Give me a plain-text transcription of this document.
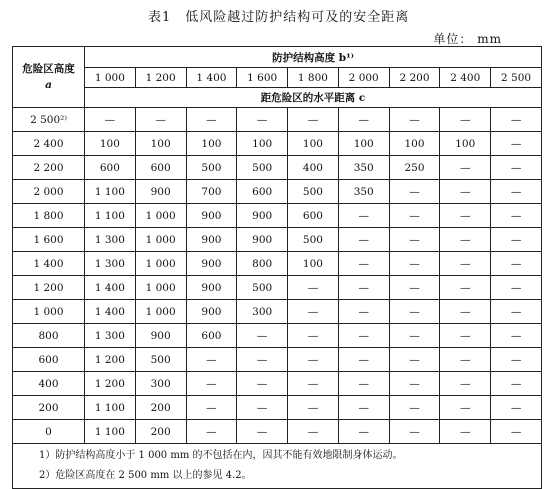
表1　低风险越过防护结构可及的安全距离
单位： mm
危险区高度
a	防护结构高度 b¹⁾								
	1 000	1 200	1 400	1 600	1 800	2 000	2 200	2 400	2 500
	距危险区的水平距离 c								
2 500²⁾	—	—	—	—	—	—	—	—	—
2 400	100	100	100	100	100	100	100	100	—
2 200	600	600	500	500	400	350	250	—	—
2 000	1 100	900	700	600	500	350	—	—	—
1 800	1 100	1 000	900	900	600	—	—	—	—
1 600	1 300	1 000	900	900	500	—	—	—	—
1 400	1 300	1 000	900	800	100	—	—	—	—
1 200	1 400	1 000	900	500	—	—	—	—	—
1 000	1 400	1 000	900	300	—	—	—	—	—
800	1 300	900	600	—	—	—	—	—	—
600	1 200	500	—	—	—	—	—	—	—
400	1 200	300	—	—	—	—	—	—	—
200	1 100	200	—	—	—	—	—	—	—
0	1 100	200	—	—	—	—	—	—	—

1）防护结构高度小于 1 000 mm 的不包括在内，因其不能有效地限制身体运动。
2）危险区高度在 2 500 mm 以上的参见 4.2。									
